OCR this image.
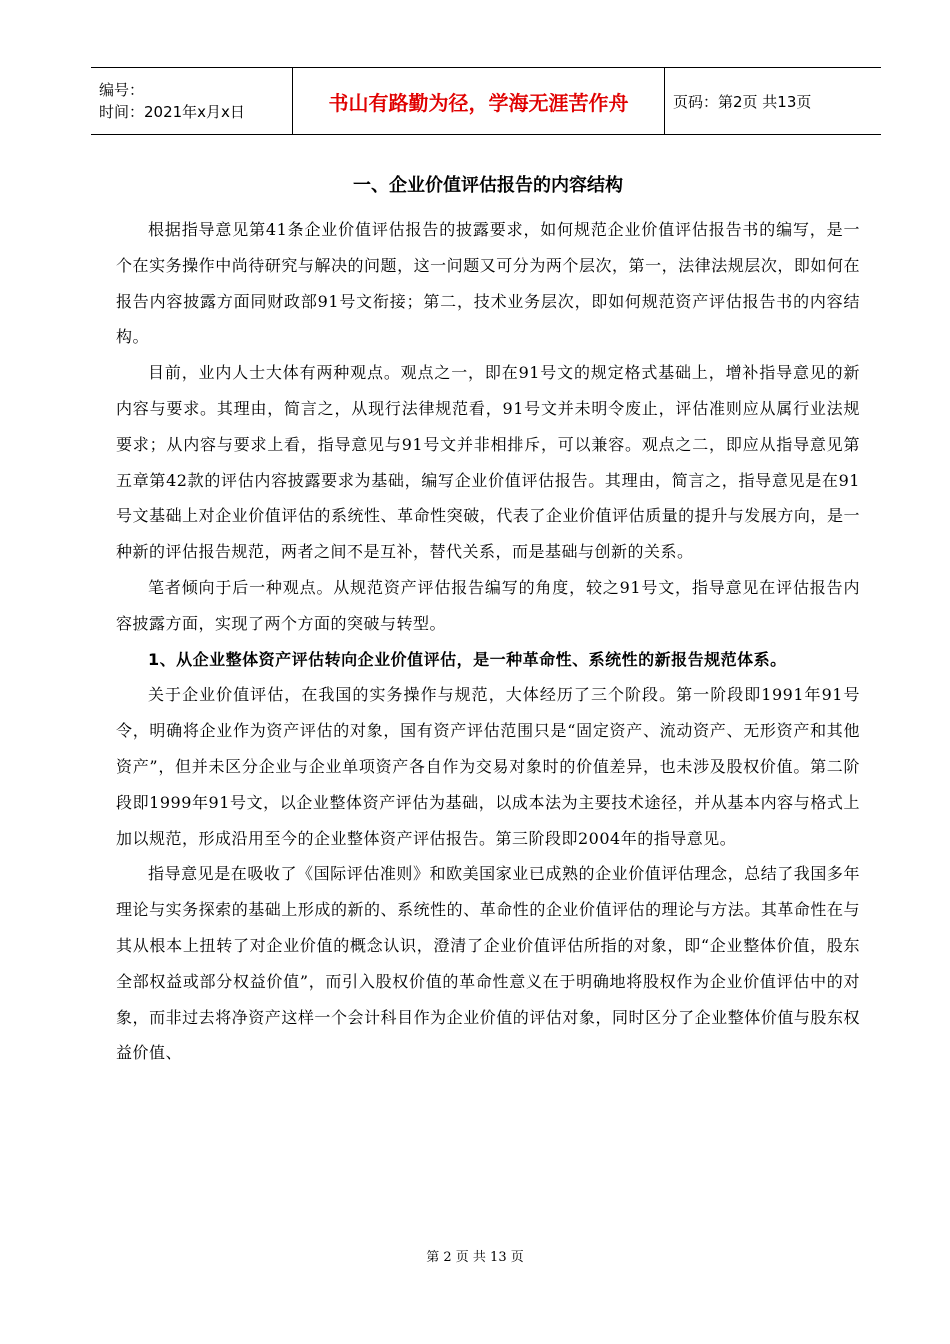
编号：
时间：2021年x月x日	书山有路勤为径，学海无涯苦作舟	页码：第2页 共13页
一、企业价值评估报告的内容结构

根据指导意见第41条企业价值评估报告的披露要求，如何规范企业价值评估报告书的编写，是一个在实务操作中尚待研究与解决的问题，这一问题又可分为两个层次，第一，法律法规层次，即如何在报告内容披露方面同财政部91号文衔接；第二，技术业务层次，即如何规范资产评估报告书的内容结构。

目前，业内人士大体有两种观点。观点之一，即在91号文的规定格式基础上，增补指导意见的新内容与要求。其理由，简言之，从现行法律规范看，91号文并未明令废止，评估准则应从属行业法规要求；从内容与要求上看，指导意见与91号文并非相排斥，可以兼容。观点之二，即应从指导意见第五章第42款的评估内容披露要求为基础，编写企业价值评估报告。其理由，简言之，指导意见是在91号文基础上对企业价值评估的系统性、革命性突破，代表了企业价值评估质量的提升与发展方向，是一种新的评估报告规范，两者之间不是互补，替代关系，而是基础与创新的关系。

笔者倾向于后一种观点。从规范资产评估报告编写的角度，较之91号文，指导意见在评估报告内容披露方面，实现了两个方面的突破与转型。

1、从企业整体资产评估转向企业价值评估，是一种革命性、系统性的新报告规范体系。

关于企业价值评估，在我国的实务操作与规范，大体经历了三个阶段。第一阶段即1991年91号令，明确将企业作为资产评估的对象，国有资产评估范围只是“固定资产、流动资产、无形资产和其他资产”，但并未区分企业与企业单项资产各自作为交易对象时的价值差异，也未涉及股权价值。第二阶段即1999年91号文，以企业整体资产评估为基础，以成本法为主要技术途径，并从基本内容与格式上加以规范，形成沿用至今的企业整体资产评估报告。第三阶段即2004年的指导意见。

指导意见是在吸收了《国际评估准则》和欧美国家业已成熟的企业价值评估理念，总结了我国多年理论与实务探索的基础上形成的新的、系统性的、革命性的企业价值评估的理论与方法。其革命性在与其从根本上扭转了对企业价值的概念认识，澄清了企业价值评估所指的对象，即“企业整体价值，股东全部权益或部分权益价值”，而引入股权价值的革命性意义在于明确地将股权作为企业价值评估中的对象，而非过去将净资产这样一个会计科目作为企业价值的评估对象，同时区分了企业整体价值与股东权益价值、

第 2 页 共 13 页
